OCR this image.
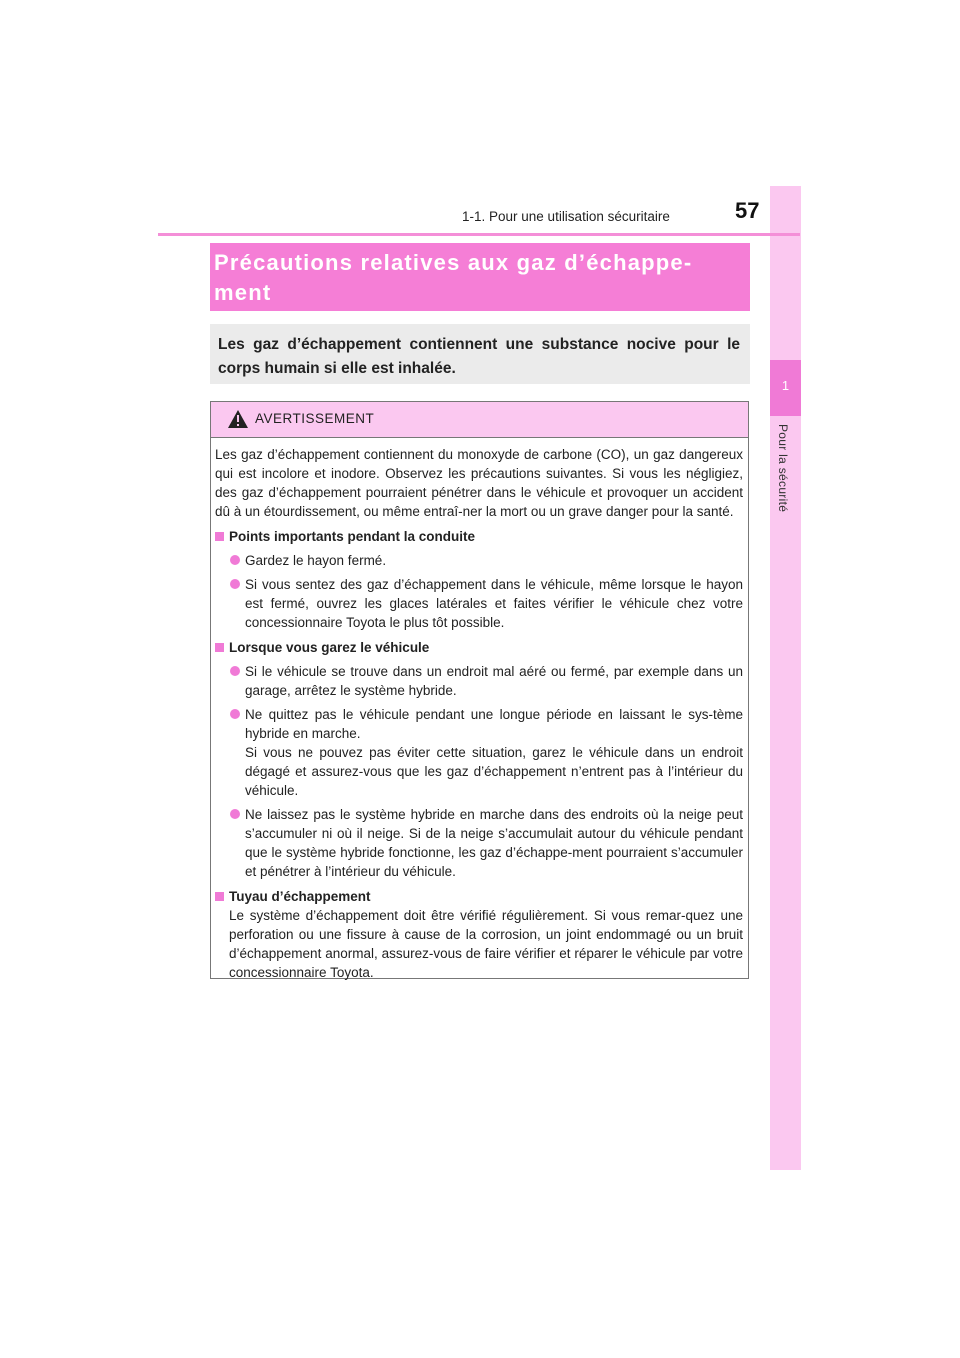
1
Pour la sécurité
1-1. Pour une utilisation sécuritaire	57
Précautions relatives aux gaz d’échappe-ment
Les gaz d’échappement contiennent une substance nocive pour le corps humain si elle est inhalée.
AVERTISSEMENT

Les gaz d’échappement contiennent du monoxyde de carbone (CO), un gaz dangereux qui est incolore et inodore. Observez les précautions suivantes. Si vous les négligiez, des gaz d’échappement pourraient pénétrer dans le véhicule et provoquer un accident dû à un étourdissement, ou même entraî-ner la mort ou un grave danger pour la santé.

Points importants pendant la conduite

Gardez le hayon fermé.

Si vous sentez des gaz d’échappement dans le véhicule, même lorsque le hayon est fermé, ouvrez les glaces latérales et faites vérifier le véhicule chez votre concessionnaire Toyota le plus tôt possible.

Lorsque vous garez le véhicule

Si le véhicule se trouve dans un endroit mal aéré ou fermé, par exemple dans un garage, arrêtez le système hybride.

Ne quittez pas le véhicule pendant une longue période en laissant le sys-tème hybride en marche.

Si vous ne pouvez pas éviter cette situation, garez le véhicule dans un endroit dégagé et assurez-vous que les gaz d’échappement n’entrent pas à l’intérieur du véhicule.

Ne laissez pas le système hybride en marche dans des endroits où la neige peut s’accumuler ni où il neige. Si de la neige s’accumulait autour du véhicule pendant que le système hybride fonctionne, les gaz d’échappe-ment pourraient s’accumuler et pénétrer à l’intérieur du véhicule.

Tuyau d’échappement

Le système d’échappement doit être vérifié régulièrement. Si vous remar-quez une perforation ou une fissure à cause de la corrosion, un joint endommagé ou un bruit d’échappement anormal, assurez-vous de faire vérifier et réparer le véhicule par votre concessionnaire Toyota.
